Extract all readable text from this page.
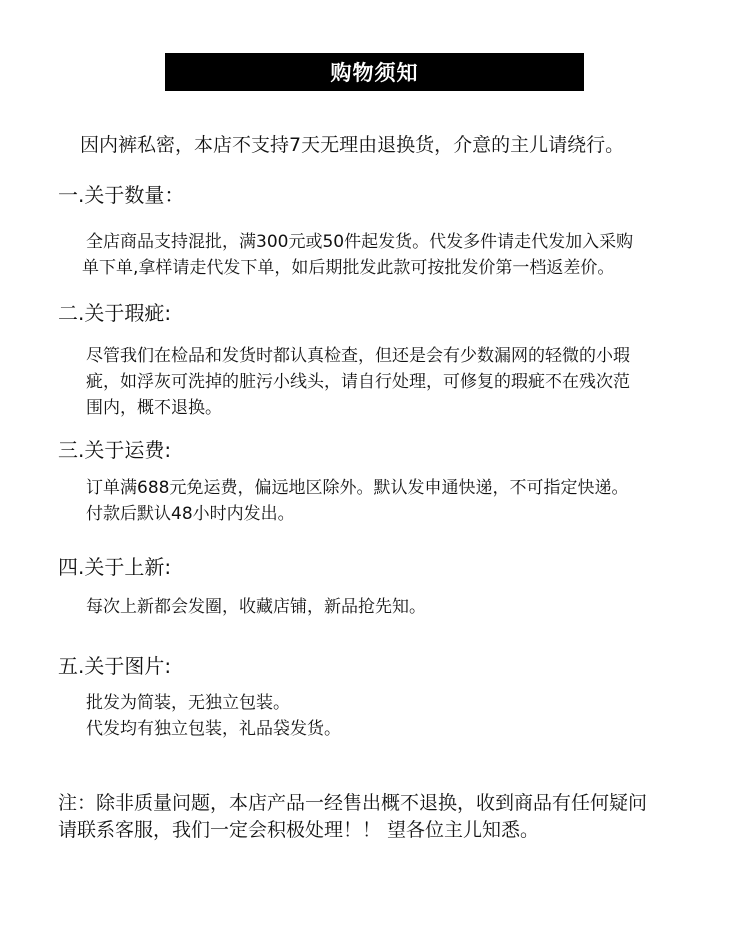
购物须知
因内裤私密，本店不支持7天无理由退换货，介意的主儿请绕行。
一.关于数量：
全店商品支持混批，满300元或50件起发货。代发多件请走代发加入采购
单下单,拿样请走代发下单，如后期批发此款可按批发价第一档返差价。
二.关于瑕疵:
尽管我们在检品和发货时都认真检查，但还是会有少数漏网的轻微的小瑕
疵，如浮灰可洗掉的脏污小线头，请自行处理，可修复的瑕疵不在残次范
围内，概不退换。
三.关于运费:
订单满688元免运费，偏远地区除外。默认发申通快递，不可指定快递。
付款后默认48小时内发出。
四.关于上新:
每次上新都会发圈，收藏店铺，新品抢先知。
五.关于图片:
批发为简装，无独立包装。
代发均有独立包装，礼品袋发货。
注：除非质量问题，本店产品一经售出概不退换，收到商品有任何疑问
请联系客服，我们一定会积极处理！！ 望各位主儿知悉。
